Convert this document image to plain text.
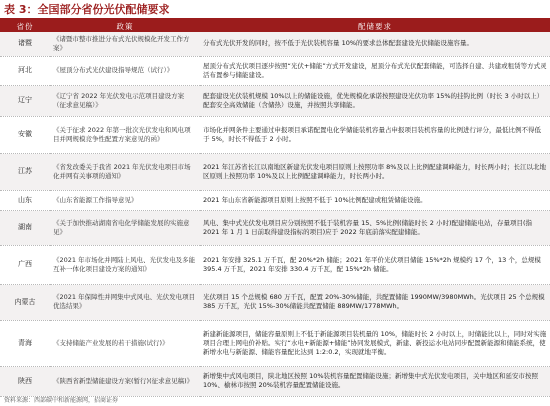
表 3：全国部分省份光伏配储要求
省份	政策	配储要求
诸暨	《诸暨市整市推进分布式光伏规模化开发工作方案》	分布式光伏开发的同时，按不低于光伏装机容量 10%的要求总体配套建设光伏储能设施容量。
河北	《屋顶分布式光伏建设指导规范（试行）》	屋顶分布式光伏项目逐步按照“光伏+储能”方式开发建设，屋顶分布式光伏配套储能，可选择自建、共建或租赁等方式灵活布置参与储能建设。
辽宁	《辽宁省 2022 年光伏发电示范项目建设方案（征求意见稿）》	配套建设光伏装机规模 10%以上的储能设施，优先规模化承诺按照建设光伏功率 15%的挂钩比例（时长 3 小时以上）配套安全高效储能（含储热）设施，并按照共享储能。
安徽	《关于征求 2022 年第一批次光伏发电和风电项目并网规模竞争性配置方案意见的函》	市场化并网条件主要通过申报项目承诺配置电化学储能装机容量占申报项目装机容量的比例进行评分，最低比例不得低于 5%，时长不得低于 2 小时。
江苏	《省发改委关于我省 2021 年光伏发电项目市场化并网有关事项的通知》	2021 年江苏省长江以南地区新建光伏发电项目原则上按照功率 8%及以上比例配建调峰能力，时长两小时；长江以北地区原则上按照功率 10%及以上比例配建调峰能力，时长两小时。
山东	《山东省能源工作指导意见》	2021 年山东省新能源项目原则上按照不低于 10%比例配建或租赁储能设施。
湖南	《关于加快推动湖南省电化学储能发展的实施意见》	风电、集中式光伏发电项目应分别按照不低于装机容量 15、5%比例(储能时长 2 小时)配建储能电站，存量项目(指 2021 年 1 月 1 日前取得建设指标的项目)应于 2022 年底前落实配建储能。
广西	《2021 年市场化并网陆上风电、光伏发电及多能互补一体化项目建设方案的通知》	2021 年安排 325.1 万千瓦，配 20%*2h 储能；2021 年平价光伏项目储能 15%*2h 规模约 17 个，13 个，总规模 395.4 万千瓦，2021 年安排 330.4 万千瓦，配 15%*2h 储能。
内蒙古	《2021 年保障性并网集中式风电、光伏发电项目优选结果》	光伏项目 15 个总规模 680 万千瓦，配置 20%-30%储能，共配置储能 1990MW/3980MWh。光伏项目 25 个总规模 385 万千瓦，光伏 15%-30%储能共配置储能 889MW/1778MWh。
青海	《支持储能产业发展的若干措施(试行)》	新建新能源项目，储能容量原则上不低于新能源项目装机量的 10%，储能时长 2 小时以上，时储能比以上，同时对实施项目合理上网电价补贴。实行“水电+新能源+储能”协同发展模式，新建、新投运水电站同步配置新能源和储能系统，使新增水电与新能源、储能容量配比达到 1:2:0.2，实现就地平衡。
陕西	《陕西省新型储能建设方案(暂行)(征求意见稿)》	新增集中式风电项目，陕北地区按照 10%装机容量配置储能设施；新增集中式光伏发电项目，关中地区和延安市按照 10%、榆林市按照 20%装机容量配置储能设施。
资料来源：西部碳中和新能源网，招商证券
